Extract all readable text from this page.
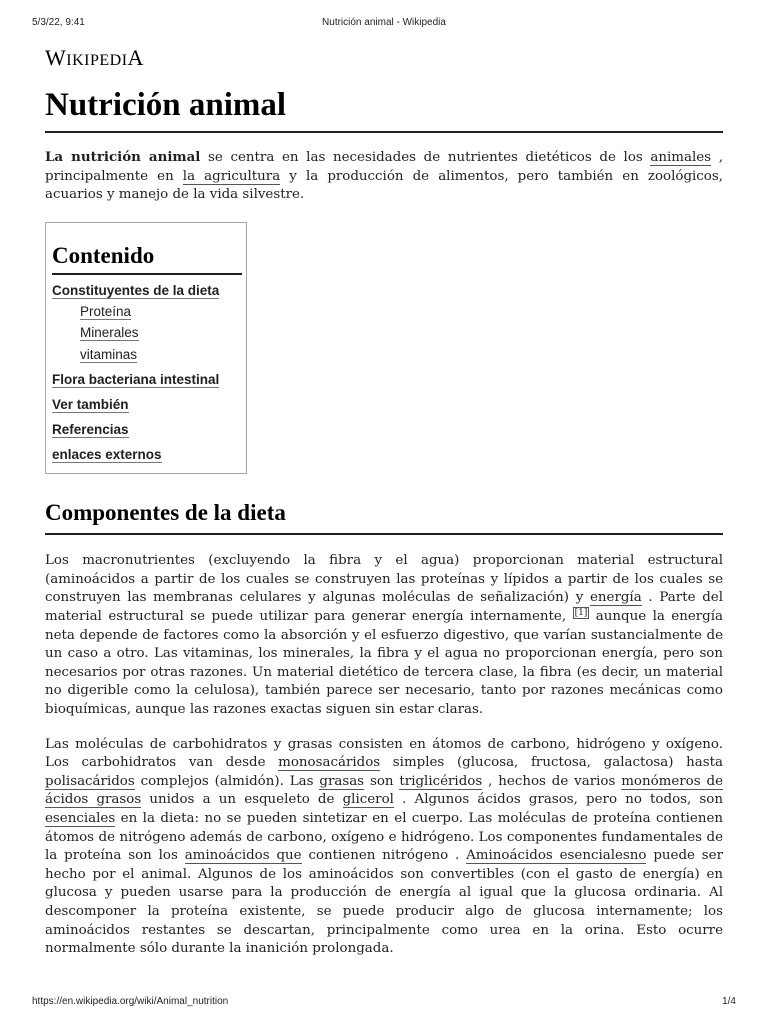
5/3/22, 9:41	Nutrición animal - Wikipedia
WIKIPEDIA
Nutrición animal

La nutrición animal se centra en las necesidades de nutrientes dietéticos de los animales , principalmente en la agricultura y la producción de alimentos, pero también en zoológicos, acuarios y manejo de la vida silvestre.

Contenido
Constituyentes de la dieta
Proteína
Minerales
vitaminas
Flora bacteriana intestinal
Ver también
Referencias
enlaces externos
Componentes de la dieta

Los macronutrientes (excluyendo la fibra y el agua) proporcionan material estructural (aminoácidos a partir de los cuales se construyen las proteínas y lípidos a partir de los cuales se construyen las membranas celulares y algunas moléculas de señalización) y energía . Parte del material estructural se puede utilizar para generar energía internamente, [1] aunque la energía neta depende de factores como la absorción y el esfuerzo digestivo, que varían sustancialmente de un caso a otro. Las vitaminas, los minerales, la fibra y el agua no proporcionan energía, pero son necesarios por otras razones. Un material dietético de tercera clase, la fibra (es decir, un material no digerible como la celulosa), también parece ser necesario, tanto por razones mecánicas como bioquímicas, aunque las razones exactas siguen sin estar claras.

Las moléculas de carbohidratos y grasas consisten en átomos de carbono, hidrógeno y oxígeno. Los carbohidratos van desde monosacáridos simples (glucosa, fructosa, galactosa) hasta polisacáridos complejos (almidón). Las grasas son triglicéridos , hechos de varios monómeros de ácidos grasos unidos a un esqueleto de glicerol . Algunos ácidos grasos, pero no todos, son esenciales en la dieta: no se pueden sintetizar en el cuerpo. Las moléculas de proteína contienen átomos de nitrógeno además de carbono, oxígeno e hidrógeno. Los componentes fundamentales de la proteína son los aminoácidos que contienen nitrógeno . Aminoácidos esencialesno puede ser hecho por el animal. Algunos de los aminoácidos son convertibles (con el gasto de energía) en glucosa y pueden usarse para la producción de energía al igual que la glucosa ordinaria. Al descomponer la proteína existente, se puede producir algo de glucosa internamente; los aminoácidos restantes se descartan, principalmente como urea en la orina. Esto ocurre normalmente sólo durante la inanición prolongada.

https://en.wikipedia.org/wiki/Animal_nutrition	1/4
